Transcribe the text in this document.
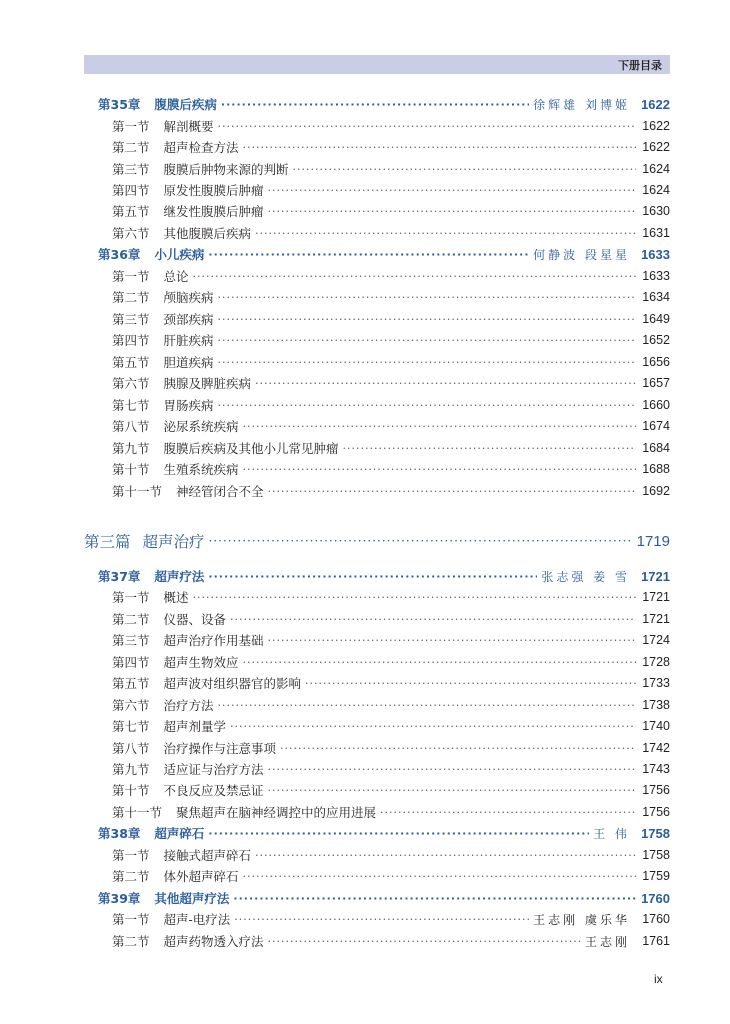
下册目录
第35章 腹膜后疾病 ·····	徐辉雄 刘博姬 1622
第一节 解剖概要 ·····	1622
第二节 超声检查方法 ·····	1622
第三节 腹膜后肿物来源的判断 ·····	1624
第四节 原发性腹膜后肿瘤 ·····	1624
第五节 继发性腹膜后肿瘤 ·····	1630
第六节 其他腹膜后疾病 ·····	1631
第36章 小儿疾病 ·····	何静波 段星星 1633
第一节 总论 ·····	1633
第二节 颅脑疾病 ·····	1634
第三节 颈部疾病 ·····	1649
第四节 肝脏疾病 ·····	1652
第五节 胆道疾病 ·····	1656
第六节 胰腺及脾脏疾病 ·····	1657
第七节 胃肠疾病 ·····	1660
第八节 泌尿系统疾病 ·····	1674
第九节 腹膜后疾病及其他小儿常见肿瘤 ·····	1684
第十节 生殖系统疾病 ·····	1688
第十一节 神经管闭合不全 ·····	1692
第三篇 超声治疗 ·····	1719
第37章 超声疗法 ·····	张志强 姜 雪 1721
第一节 概述 ·····	1721
第二节 仪器、设备 ·····	1721
第三节 超声治疗作用基础 ·····	1724
第四节 超声生物效应 ·····	1728
第五节 超声波对组织器官的影响 ·····	1733
第六节 治疗方法 ·····	1738
第七节 超声剂量学 ·····	1740
第八节 治疗操作与注意事项 ·····	1742
第九节 适应证与治疗方法 ·····	1743
第十节 不良反应及禁忌证 ·····	1756
第十一节 聚焦超声在脑神经调控中的应用进展 ·····	1756
第38章 超声碎石 ·····	王 伟 1758
第一节 接触式超声碎石 ·····	1758
第二节 体外超声碎石 ·····	1759
第39章 其他超声疗法 ·····	1760
第一节 超声-电疗法 ·····	王志刚 虞乐华 1760
第二节 超声药物透入疗法 ·····	王志刚 1761
ix
